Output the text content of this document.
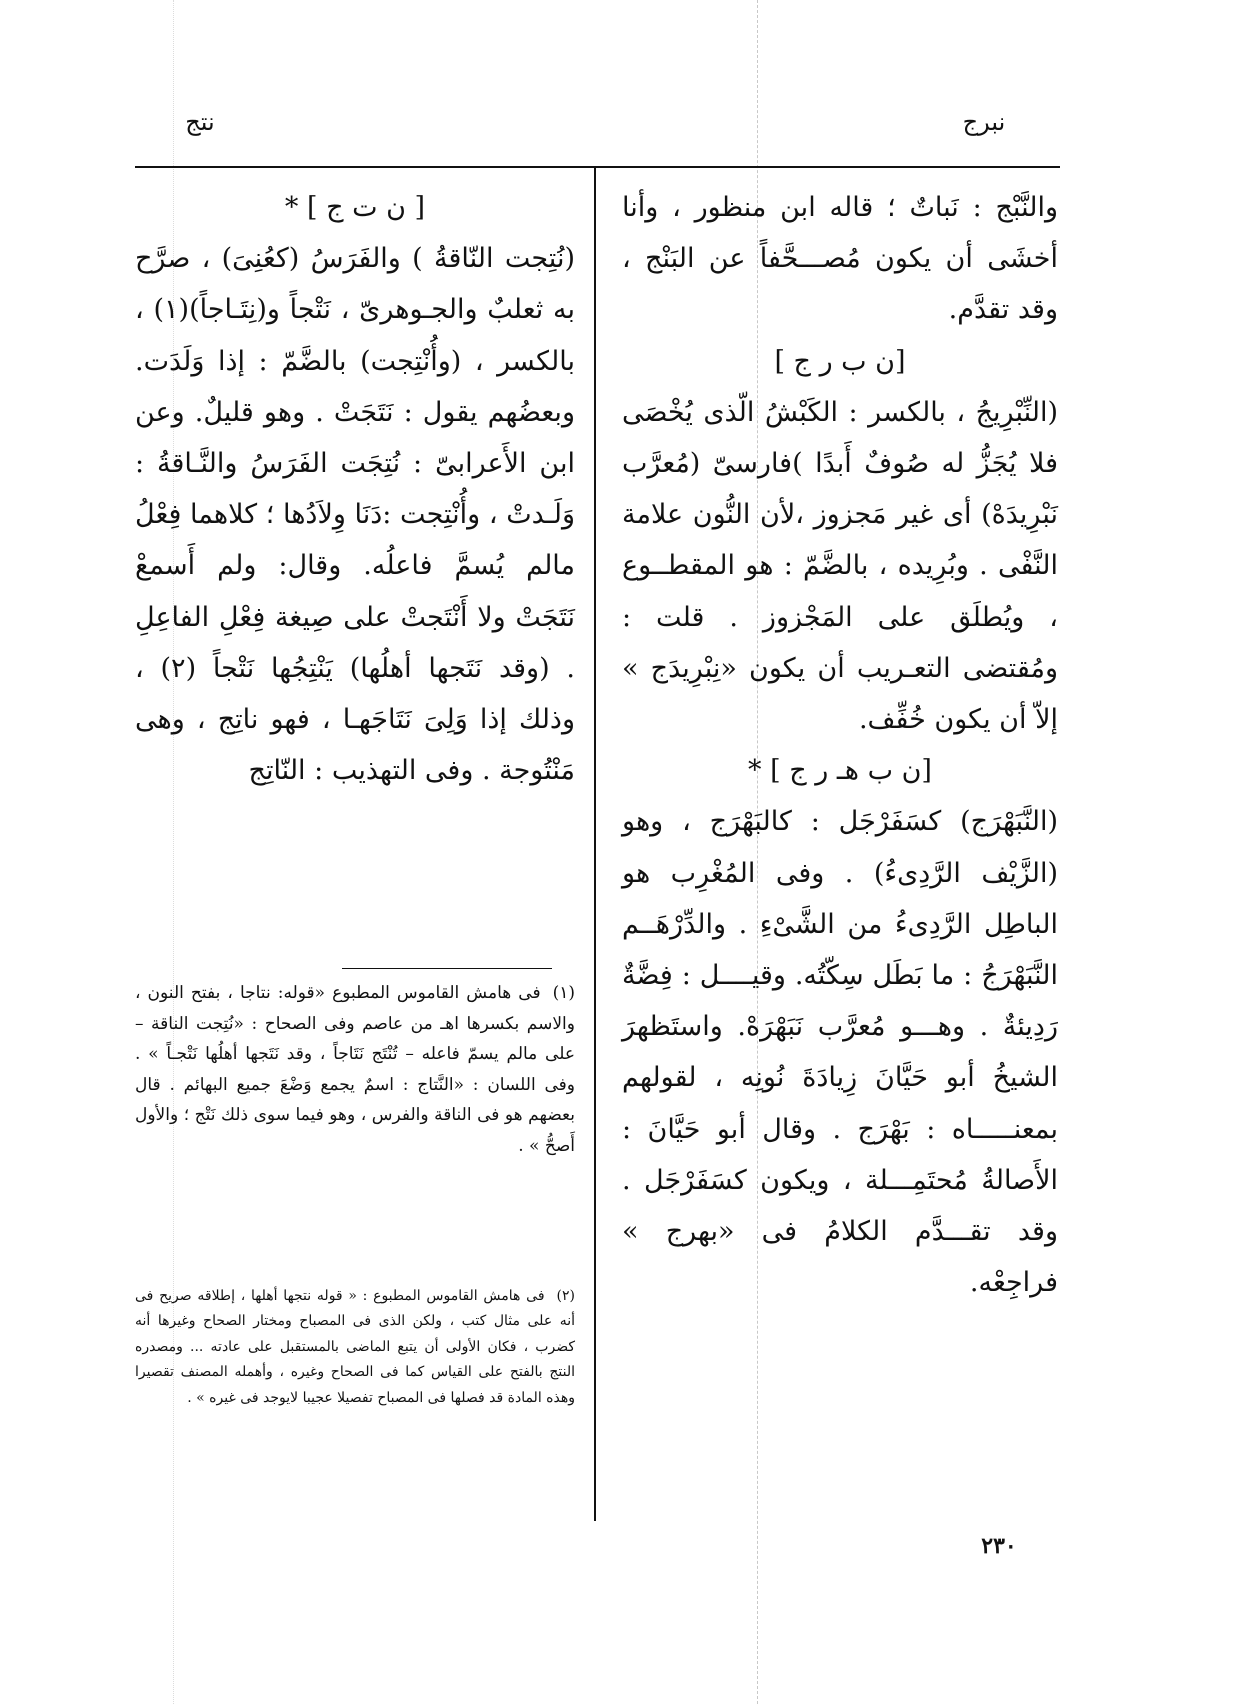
نبرج
نتج

والنَّبْج : نَباتٌ ؛ قاله ابن منظور ، وأنا أخشَى أن يكون مُصـــحَّفاً عن البَنْج ، وقد تقدَّم.

[ن ب ر ج ]

(النِّبْرِيجُ ، بالكسر : الكَبْشُ الّذى يُخْصَى فلا يُجَزُّ له صُوفٌ أَبدًا )فارسىّ (مُعرَّب نَبْرِيدَهْ) أى غير مَجزوز ،لأن النُّون علامة النَّفْى . وبُرِيده ، بالضَّمّ : هو المقطــوع ، ويُطلَق على المَجْزوز . قلت : ومُقتضى التعـريب أن يكون «نِبْرِيدَج » إلاّ أن يكون خُفِّف.

[ن ب هـ ر ج ] *

(النَّبَهْرَج) كسَفَرْجَل : كالبَهْرَج ، وهو (الزَّيْف الرَّدِىءُ) . وفى المُغْرِب هو الباطِل الرَّدِىءُ من الشَّىْءِ . والدِّرْهَــم النَّبَهْرَجُ : ما بَطَل سِكّتُه. وقيــــل : فِضَّةٌ رَدِيئةٌ . وهـــو مُعرَّب نَبَهْرَهْ. واستَظهرَ الشيخُ أبو حَيَّانَ زِيادَةَ نُونِه ، لقولهم بمعنـــــاه : بَهْرَج . وقال أبو حَيَّانَ : الأَصالةُ مُحتَمِـــلة ، ويكون كسَفَرْجَل . وقد تقـــدَّم الكلامُ فى «بهرج » فراجِعْه.

[ ن ت ج ] *

(نُتِجت النّاقةُ ) والفَرَسُ (كعُنِىَ) ، صرَّح به ثعلبٌ والجـوهرىّ ، نَتْجاً و(نِتَـاجاً)(١) ، بالكسر ، (وأُنْتِجت) بالضَّمّ : إذا وَلَدَت. وبعضُهم يقول : نَتَجَتْ . وهو قليلٌ. وعن ابن الأَعرابىّ : نُتِجَت الفَرَسُ والنَّـاقةُ : وَلَـدتْ ، وأُنْتِجت :دَنَا وِلاَدُها ؛ كلاهما فِعْلُ مالم يُسمَّ فاعلُه. وقال: ولم أَسمعْ نَتَجَتْ ولا أَنْتَجتْ على صِيغة فِعْلِ الفاعِلِ . (وقد نَتَجها أهلُها) يَنْتِجُها نَتْجاً (٢) ، وذلك إذا وَلِىَ نَتَاجَهـا ، فهو ناتِج ، وهى مَنْتُوجة . وفى التهذيب : النّاتِج

(١)فى هامش القاموس المطبوع «قوله: نتاجا ، بفتح النون ، والاسم بكسرها اهـ من عاصم وفى الصحاح : «نُتِجت الناقة – على مالم يسمّ فاعله – تُنْتَج نَتَاجاً ، وقد نَتَجها أهلُها نَتْجـاً » . وفى اللسان : «النَّتاج : اسمٌ يجمع وَضْعَ جميع البهائم . قال بعضهم هو فى الناقة والفرس ، وهو فيما سوى ذلك نَتْج ؛ والأول أَصحُّ » .

(٢)فى هامش القاموس المطبوع : « قوله نتجها أهلها ، إطلاقه صريح فى أنه على مثال كتب ، ولكن الذى فى المصباح ومختار الصحاح وغيرها أنه كضرب ، فكان الأولى أن يتبع الماضى بالمستقبل على عادته ... ومصدره النتج بالفتح على القياس كما فى الصحاح وغيره ، وأهمله المصنف تقصيرا وهذه المادة قد فصلها فى المصباح تفصيلا عجيبا لايوجد فى غيره » .

٢٣٠
